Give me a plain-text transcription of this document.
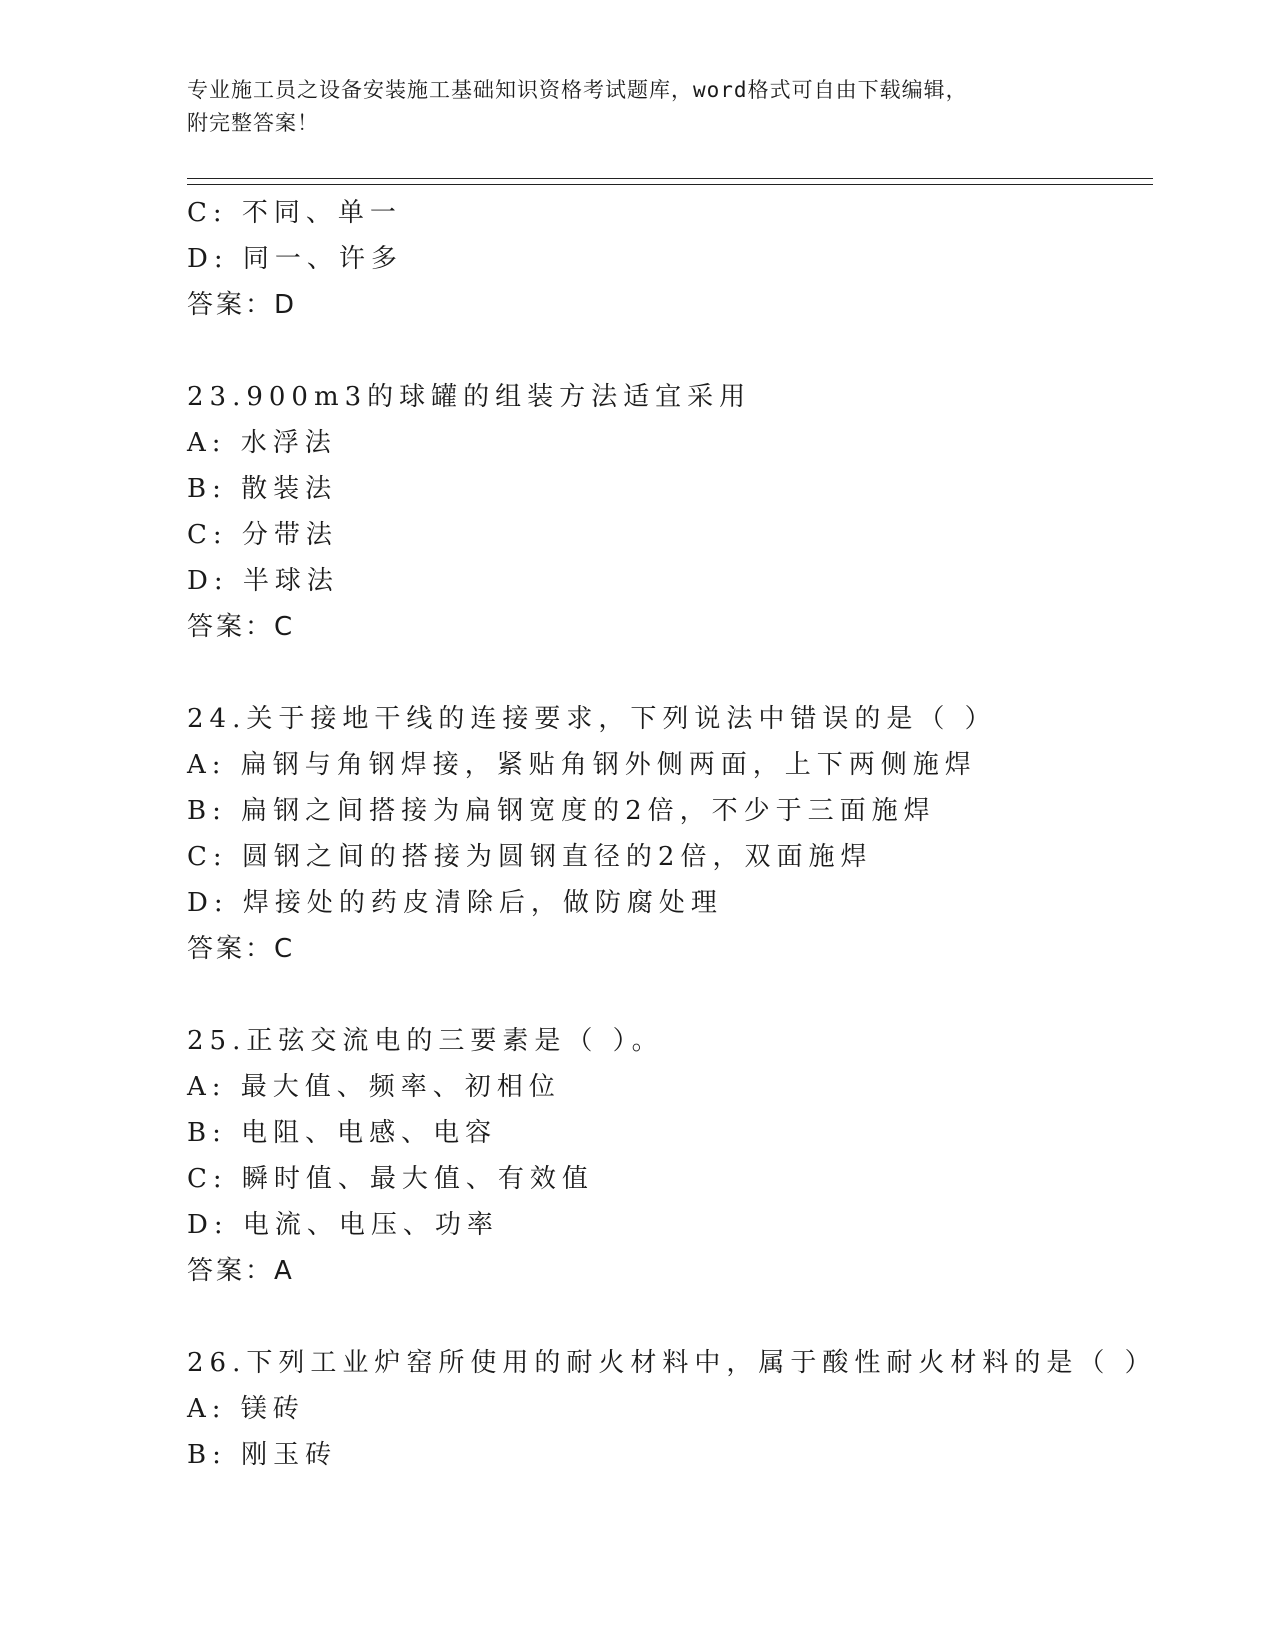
专业施工员之设备安装施工基础知识资格考试题库，word格式可自由下载编辑，
附完整答案！
C: 不同、单一
D: 同一、许多
答案：D
23.900m3的球罐的组装方法适宜采用
A: 水浮法
B: 散装法
C: 分带法
D: 半球法
答案：C
24.关于接地干线的连接要求，下列说法中错误的是（ ）
A: 扁钢与角钢焊接，紧贴角钢外侧两面，上下两侧施焊
B: 扁钢之间搭接为扁钢宽度的2倍，不少于三面施焊
C: 圆钢之间的搭接为圆钢直径的2倍，双面施焊
D: 焊接处的药皮清除后，做防腐处理
答案：C
25.正弦交流电的三要素是（ ）。
A: 最大值、频率、初相位
B: 电阻、电感、电容
C: 瞬时值、最大值、有效值
D: 电流、电压、功率
答案：A
26.下列工业炉窑所使用的耐火材料中，属于酸性耐火材料的是（ ）
A: 镁砖
B: 刚玉砖
